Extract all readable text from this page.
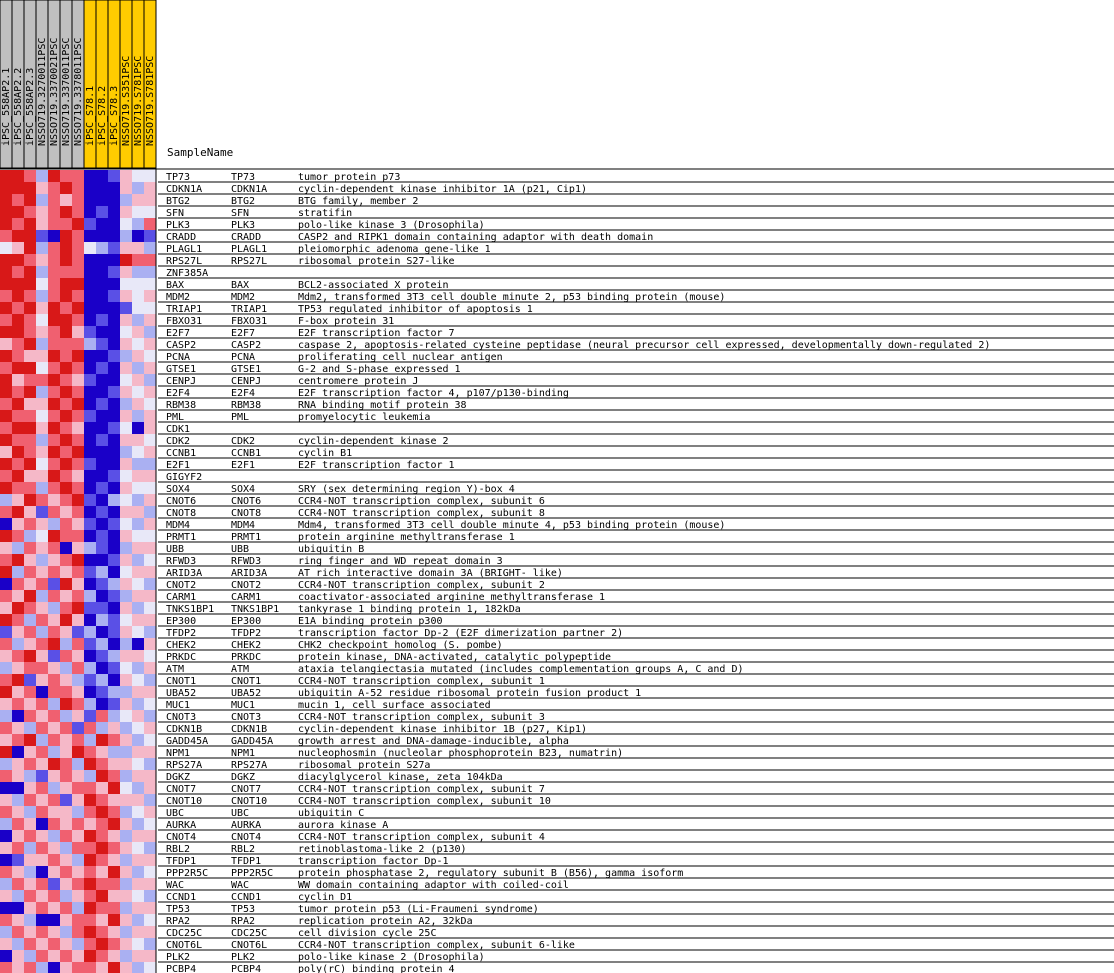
iPSC_558AP2.1 iPSC_558AP2.2 iPSC_558AP2.3 NSSO719.3270011PSC NSSO719.3370021PSC NSSO719.3370011PSC NSSO719.3378011PSC iPSC_S78.1 iPSC_S78.2 iPSC_S78.3 NSSO719.S351PSC NSSO719.S781PSC NSSO719.S781PSC
TP73	TP73	tumor protein p73
CDKN1A	CDKN1A	cyclin-dependent kinase inhibitor 1A (p21, Cip1)
BTG2	BTG2	BTG family, member 2
SFN	SFN	stratifin
PLK3	PLK3	polo-like kinase 3 (Drosophila)
CRADD	CRADD	CASP2 and RIPK1 domain containing adaptor with death domain
PLAGL1	PLAGL1	pleiomorphic adenoma gene-like 1
RPS27L	RPS27L	ribosomal protein S27-like
ZNF385A
BAX	BAX	BCL2-associated X protein
MDM2	MDM2	Mdm2, transformed 3T3 cell double minute 2, p53 binding protein (mouse)
TRIAP1	TRIAP1	TP53 regulated inhibitor of apoptosis 1
FBXO31	FBXO31	F-box protein 31
E2F7	E2F7	E2F transcription factor 7
CASP2	CASP2	caspase 2, apoptosis-related cysteine peptidase (neural precursor cell expressed, developmentally down-regulated 2)
PCNA	PCNA	proliferating cell nuclear antigen
GTSE1	GTSE1	G-2 and S-phase expressed 1
CENPJ	CENPJ	centromere protein J
E2F4	E2F4	E2F transcription factor 4, p107/p130-binding
RBM38	RBM38	RNA binding motif protein 38
PML	PML	promyelocytic leukemia
CDK1
CDK2	CDK2	cyclin-dependent kinase 2
CCNB1	CCNB1	cyclin B1
E2F1	E2F1	E2F transcription factor 1
GIGYF2
SOX4	SOX4	SRY (sex determining region Y)-box 4
CNOT6	CNOT6	CCR4-NOT transcription complex, subunit 6
CNOT8	CNOT8	CCR4-NOT transcription complex, subunit 8
MDM4	MDM4	Mdm4, transformed 3T3 cell double minute 4, p53 binding protein (mouse)
PRMT1	PRMT1	protein arginine methyltransferase 1
UBB	UBB	ubiquitin B
RFWD3	RFWD3	ring finger and WD repeat domain 3
ARID3A	ARID3A	AT rich interactive domain 3A (BRIGHT- like)
CNOT2	CNOT2	CCR4-NOT transcription complex, subunit 2
CARM1	CARM1	coactivator-associated arginine methyltransferase 1
TNKS1BP1 TNKS1BP1 tankyrase 1 binding protein 1, 182kDa
EP300	EP300	E1A binding protein p300
TFDP2	TFDP2	transcription factor Dp-2 (E2F dimerization partner 2)
CHEK2	CHEK2	CHK2 checkpoint homolog (S. pombe)
PRKDC	PRKDC	protein kinase, DNA-activated, catalytic polypeptide
ATM	ATM	ataxia telangiectasia mutated (includes complementation groups A, C and D)
CNOT1	CNOT1	CCR4-NOT transcription complex, subunit 1
UBA52	UBA52	ubiquitin A-52 residue ribosomal protein fusion product 1
MUC1	MUC1	mucin 1, cell surface associated
CNOT3	CNOT3	CCR4-NOT transcription complex, subunit 3
CDKN1B	CDKN1B	cyclin-dependent kinase inhibitor 1B (p27, Kip1)
GADD45A GADD45A growth arrest and DNA-damage-inducible, alpha
NPM1	NPM1	nucleophosmin (nucleolar phosphoprotein B23, numatrin)
RPS27A	RPS27A	ribosomal protein S27a
DGKZ	DGKZ	diacylglycerol kinase, zeta 104kDa
CNOT7	CNOT7	CCR4-NOT transcription complex, subunit 7
CNOT10	CNOT10	CCR4-NOT transcription complex, subunit 10
UBC	UBC	ubiquitin C
AURKA	AURKA	aurora kinase A
CNOT4	CNOT4	CCR4-NOT transcription complex, subunit 4
RBL2	RBL2	retinoblastoma-like 2 (p130)
TFDP1	TFDP1	transcription factor Dp-1
PPP2R5C PPP2R5C protein phosphatase 2, regulatory subunit B (B56), gamma isoform
WAC	WAC	WW domain containing adaptor with coiled-coil
CCND1	CCND1	cyclin D1
TP53	TP53	tumor protein p53 (Li-Fraumeni syndrome)
RPA2	RPA2	replication protein A2, 32kDa
CDC25C	CDC25C	cell division cycle 25C
CNOT6L	CNOT6L	CCR4-NOT transcription complex, subunit 6-like
PLK2	PLK2	polo-like kinase 2 (Drosophila)
PCBP4	PCBP4	poly(rC) binding protein 4
SampleName
